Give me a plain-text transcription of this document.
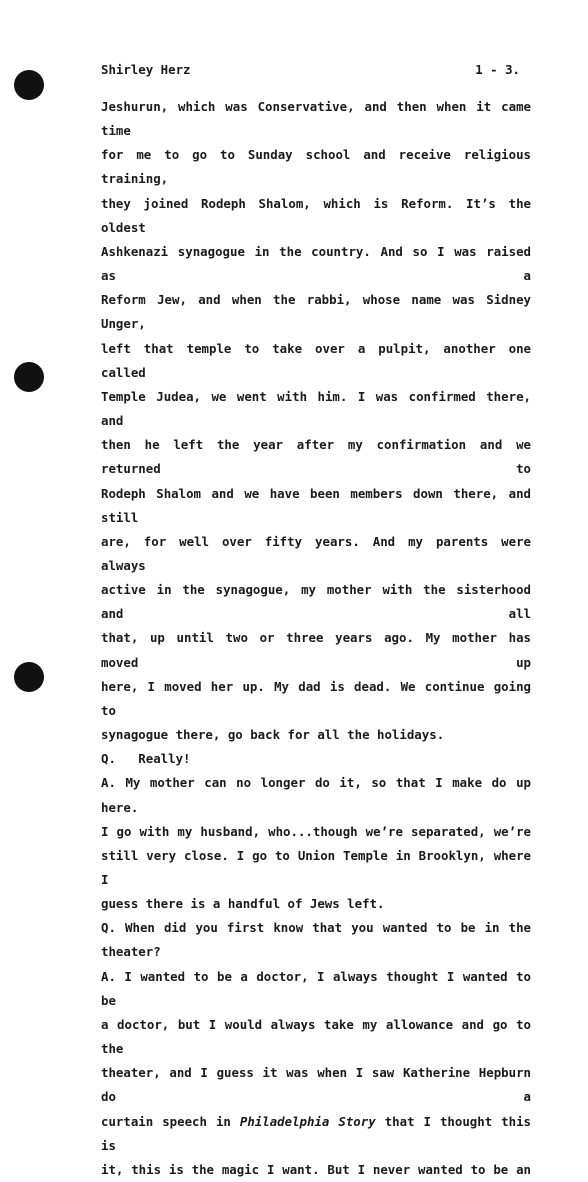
Shirley Herz	1 - 3.
Jeshurun, which was Conservative, and then when it came time
for me to go to Sunday school and receive religious training,
they joined Rodeph Shalom, which is Reform. It’s the oldest
Ashkenazi synagogue in the country. And so I was raised as a
Reform Jew, and when the rabbi, whose name was Sidney Unger,
left that temple to take over a pulpit, another one called
Temple Judea, we went with him. I was confirmed there, and
then he left the year after my confirmation and we returned to
Rodeph Shalom and we have been members down there, and still
are, for well over fifty years. And my parents were always
active in the synagogue, my mother with the sisterhood and all
that, up until two or three years ago. My mother has moved up
here, I moved her up. My dad is dead. We continue going to
synagogue there, go back for all the holidays.
Q.   Really!
A. My mother can no longer do it, so that I make do up here.
I go with my husband, who...though we’re separated, we’re
still very close. I go to Union Temple in Brooklyn, where I
guess there is a handful of Jews left.
Q. When did you first know that you wanted to be in the
theater?
A. I wanted to be a doctor, I always thought I wanted to be
a doctor, but I would always take my allowance and go to the
theater, and I guess it was when I saw Katherine Hepburn do a
curtain speech in Philadelphia Story that I thought this is
it, this is the magic I want. But I never wanted to be an
